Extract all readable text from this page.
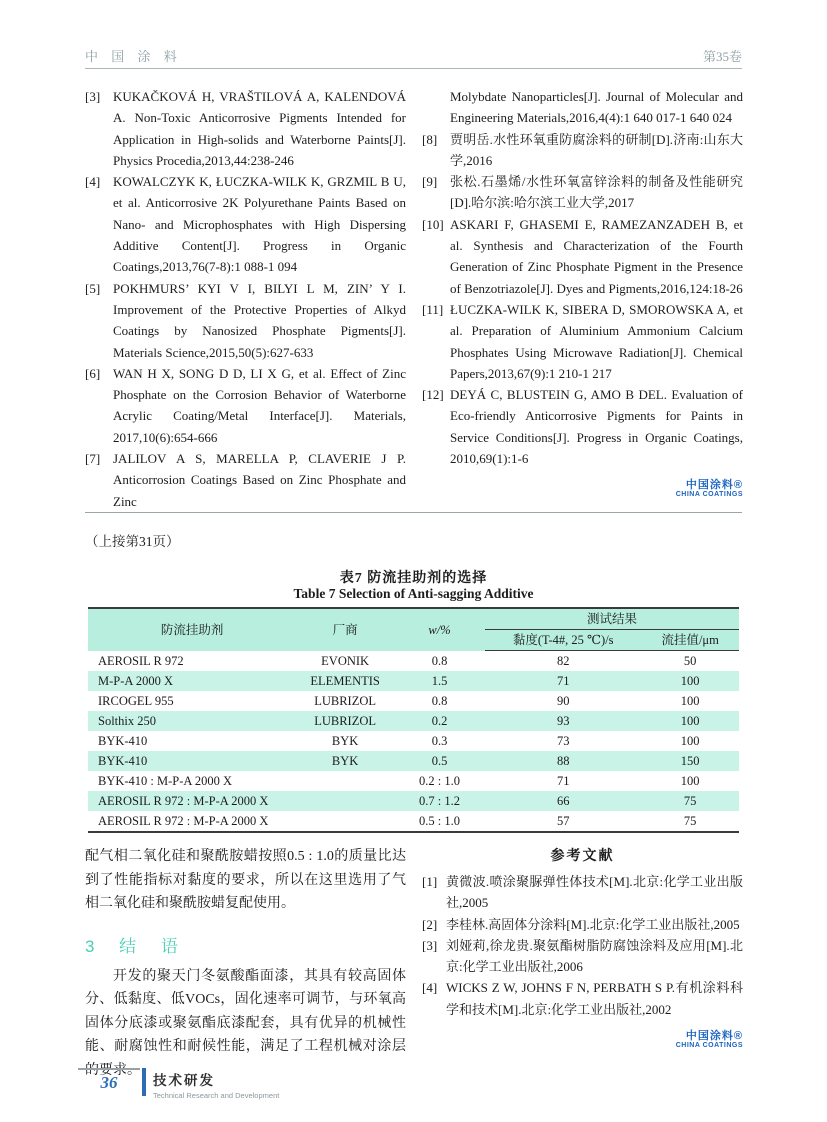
中 国 涂 料	第35卷
[3] KUKAČKOVÁ H, VRAŠTILOVÁ A, KALENDOVÁ A. Non-Toxic Anticorrosive Pigments Intended for Application in High-solids and Waterborne Paints[J]. Physics Procedia,2013,44:238-246
[4] KOWALCZYK K, ŁUCZKA-WILK K, GRZMIL B U, et al. Anticorrosive 2K Polyurethane Paints Based on Nano- and Microphosphates with High Dispersing Additive Content[J]. Progress in Organic Coatings,2013,76(7-8):1 088-1 094
[5] POKHMURS’ KYI V I, BILYI L M, ZIN’ Y I. Improvement of the Protective Properties of Alkyd Coatings by Nanosized Phosphate Pigments[J]. Materials Science,2015,50(5):627-633
[6] WAN H X, SONG D D, LI X G, et al. Effect of Zinc Phosphate on the Corrosion Behavior of Waterborne Acrylic Coating/Metal Interface[J]. Materials, 2017,10(6):654-666
[7] JALILOV A S, MARELLA P, CLAVERIE J P. Anticorrosion Coatings Based on Zinc Phosphate and Zinc
Molybdate Nanoparticles[J]. Journal of Molecular and Engineering Materials,2016,4(4):1 640 017-1 640 024
[8] 贾明岳.水性环氧重防腐涂料的研制[D].济南:山东大学,2016
[9] 张松.石墨烯/水性环氧富锌涂料的制备及性能研究[D].哈尔滨:哈尔滨工业大学,2017
[10] ASKARI F, GHASEMI E, RAMEZANZADEH B, et al. Synthesis and Characterization of the Fourth Generation of Zinc Phosphate Pigment in the Presence of Benzotriazole[J]. Dyes and Pigments,2016,124:18-26
[11] ŁUCZKA-WILK K, SIBERA D, SMOROWSKA A, et al. Preparation of Aluminium Ammonium Calcium Phosphates Using Microwave Radiation[J]. Chemical Papers,2013,67(9):1 210-1 217
[12] DEYÁ C, BLUSTEIN G, AMO B DEL. Evaluation of Eco-friendly Anticorrosive Pigments for Paints in Service Conditions[J]. Progress in Organic Coatings, 2010,69(1):1-6
中国涂料®
CHINA COATINGS
（上接第31页）
表7 防流挂助剂的选择
Table 7 Selection of Anti-sagging Additive
防流挂助剂	厂商	w/%	测试结果	
			黏度(T-4#, 25 ℃)/s	流挂值/μm
AEROSIL R 972	EVONIK	0.8	82	50
M-P-A 2000 X	ELEMENTIS	1.5	71	100
IRCOGEL 955	LUBRIZOL	0.8	90	100
Solthix 250	LUBRIZOL	0.2	93	100
BYK-410	BYK	0.3	73	100
BYK-410	BYK	0.5	88	150
BYK-410 : M-P-A 2000 X		0.2 : 1.0	71	100
AEROSIL R 972 : M-P-A 2000 X		0.7 : 1.2	66	75
AEROSIL R 972 : M-P-A 2000 X		0.5 : 1.0	57	75

配气相二氧化硅和聚酰胺蜡按照0.5 : 1.0的质量比达到了性能指标对黏度的要求，所以在这里选用了气相二氧化硅和聚酰胺蜡复配使用。

3 结 语

开发的聚天门冬氨酸酯面漆，其具有较高固体分、低黏度、低VOCs，固化速率可调节，与环氧高固体分底漆或聚氨酯底漆配套，具有优异的机械性能、耐腐蚀性和耐候性能，满足了工程机械对涂层的要求。

参考文献
[1] 黄微波.喷涂聚脲弹性体技术[M].北京:化学工业出版社,2005
[2] 李桂林.高固体分涂料[M].北京:化学工业出版社,2005
[3] 刘娅莉,徐龙贵.聚氨酯树脂防腐蚀涂料及应用[M].北京:化学工业出版社,2006
[4] WICKS Z W, JOHNS F N, PERBATH S P.有机涂料科学和技术[M].北京:化学工业出版社,2002
中国涂料®
CHINA COATINGS
36	技术研发
Technical Research and Development
